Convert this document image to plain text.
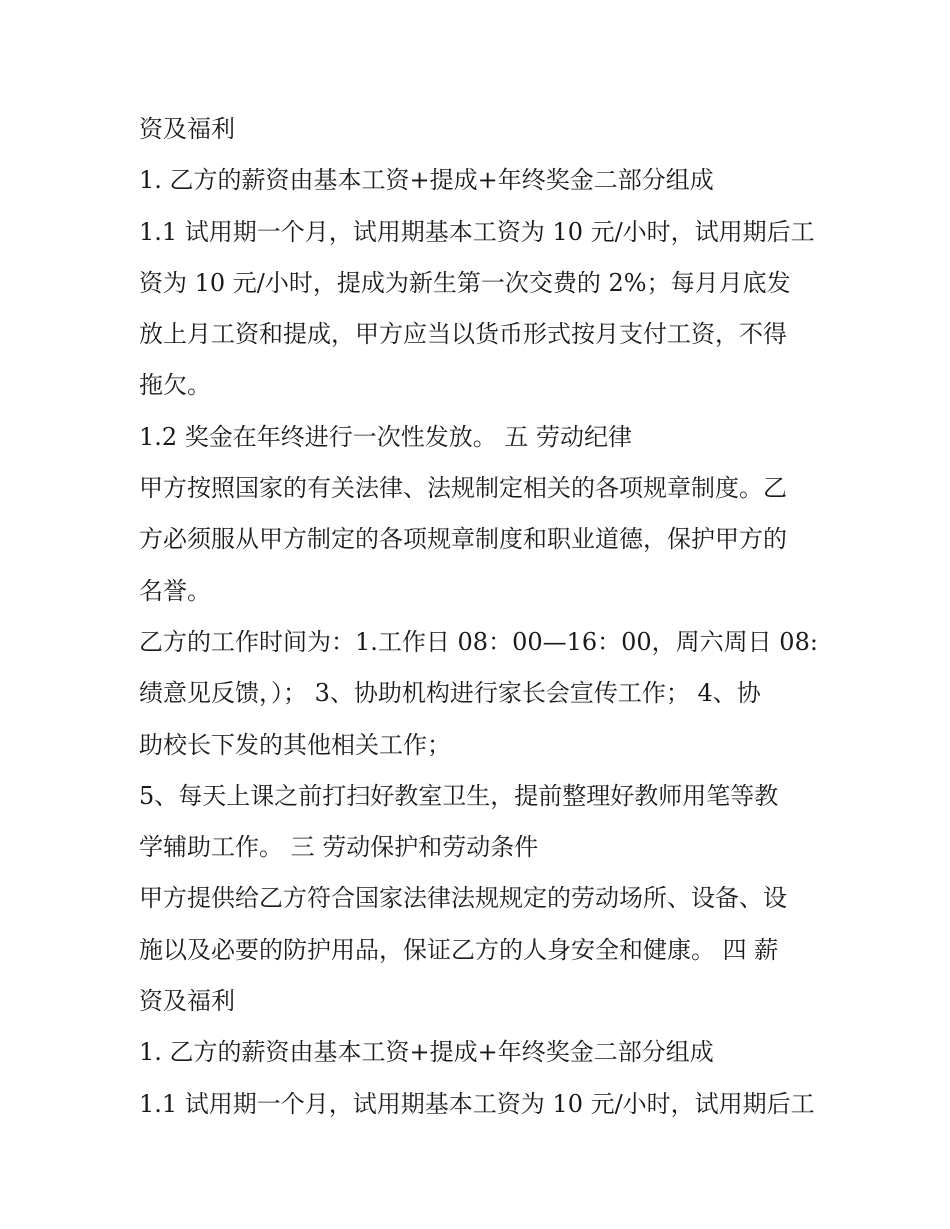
资及福利
1. 乙方的薪资由基本工资+提成+年终奖金二部分组成
1.1 试用期一个月，试用期基本工资为 10 元/小时，试用期后工
资为 10 元/小时，提成为新生第一次交费的 2%；每月月底发
放上月工资和提成，甲方应当以货币形式按月支付工资，不得
拖欠。
1.2 奖金在年终进行一次性发放。 五 劳动纪律
甲方按照国家的有关法律、法规制定相关的各项规章制度。乙
方必须服从甲方制定的各项规章制度和职业道德，保护甲方的
名誉。
乙方的工作时间为：1.工作日 08：00—16：00，周六周日 08:
绩意见反馈，）； 3、协助机构进行家长会宣传工作； 4、协
助校长下发的其他相关工作；
5、每天上课之前打扫好教室卫生，提前整理好教师用笔等教
学辅助工作。 三 劳动保护和劳动条件
甲方提供给乙方符合国家法律法规规定的劳动场所、设备、设
施以及必要的防护用品，保证乙方的人身安全和健康。 四 薪
资及福利
1. 乙方的薪资由基本工资+提成+年终奖金二部分组成
1.1 试用期一个月，试用期基本工资为 10 元/小时，试用期后工
